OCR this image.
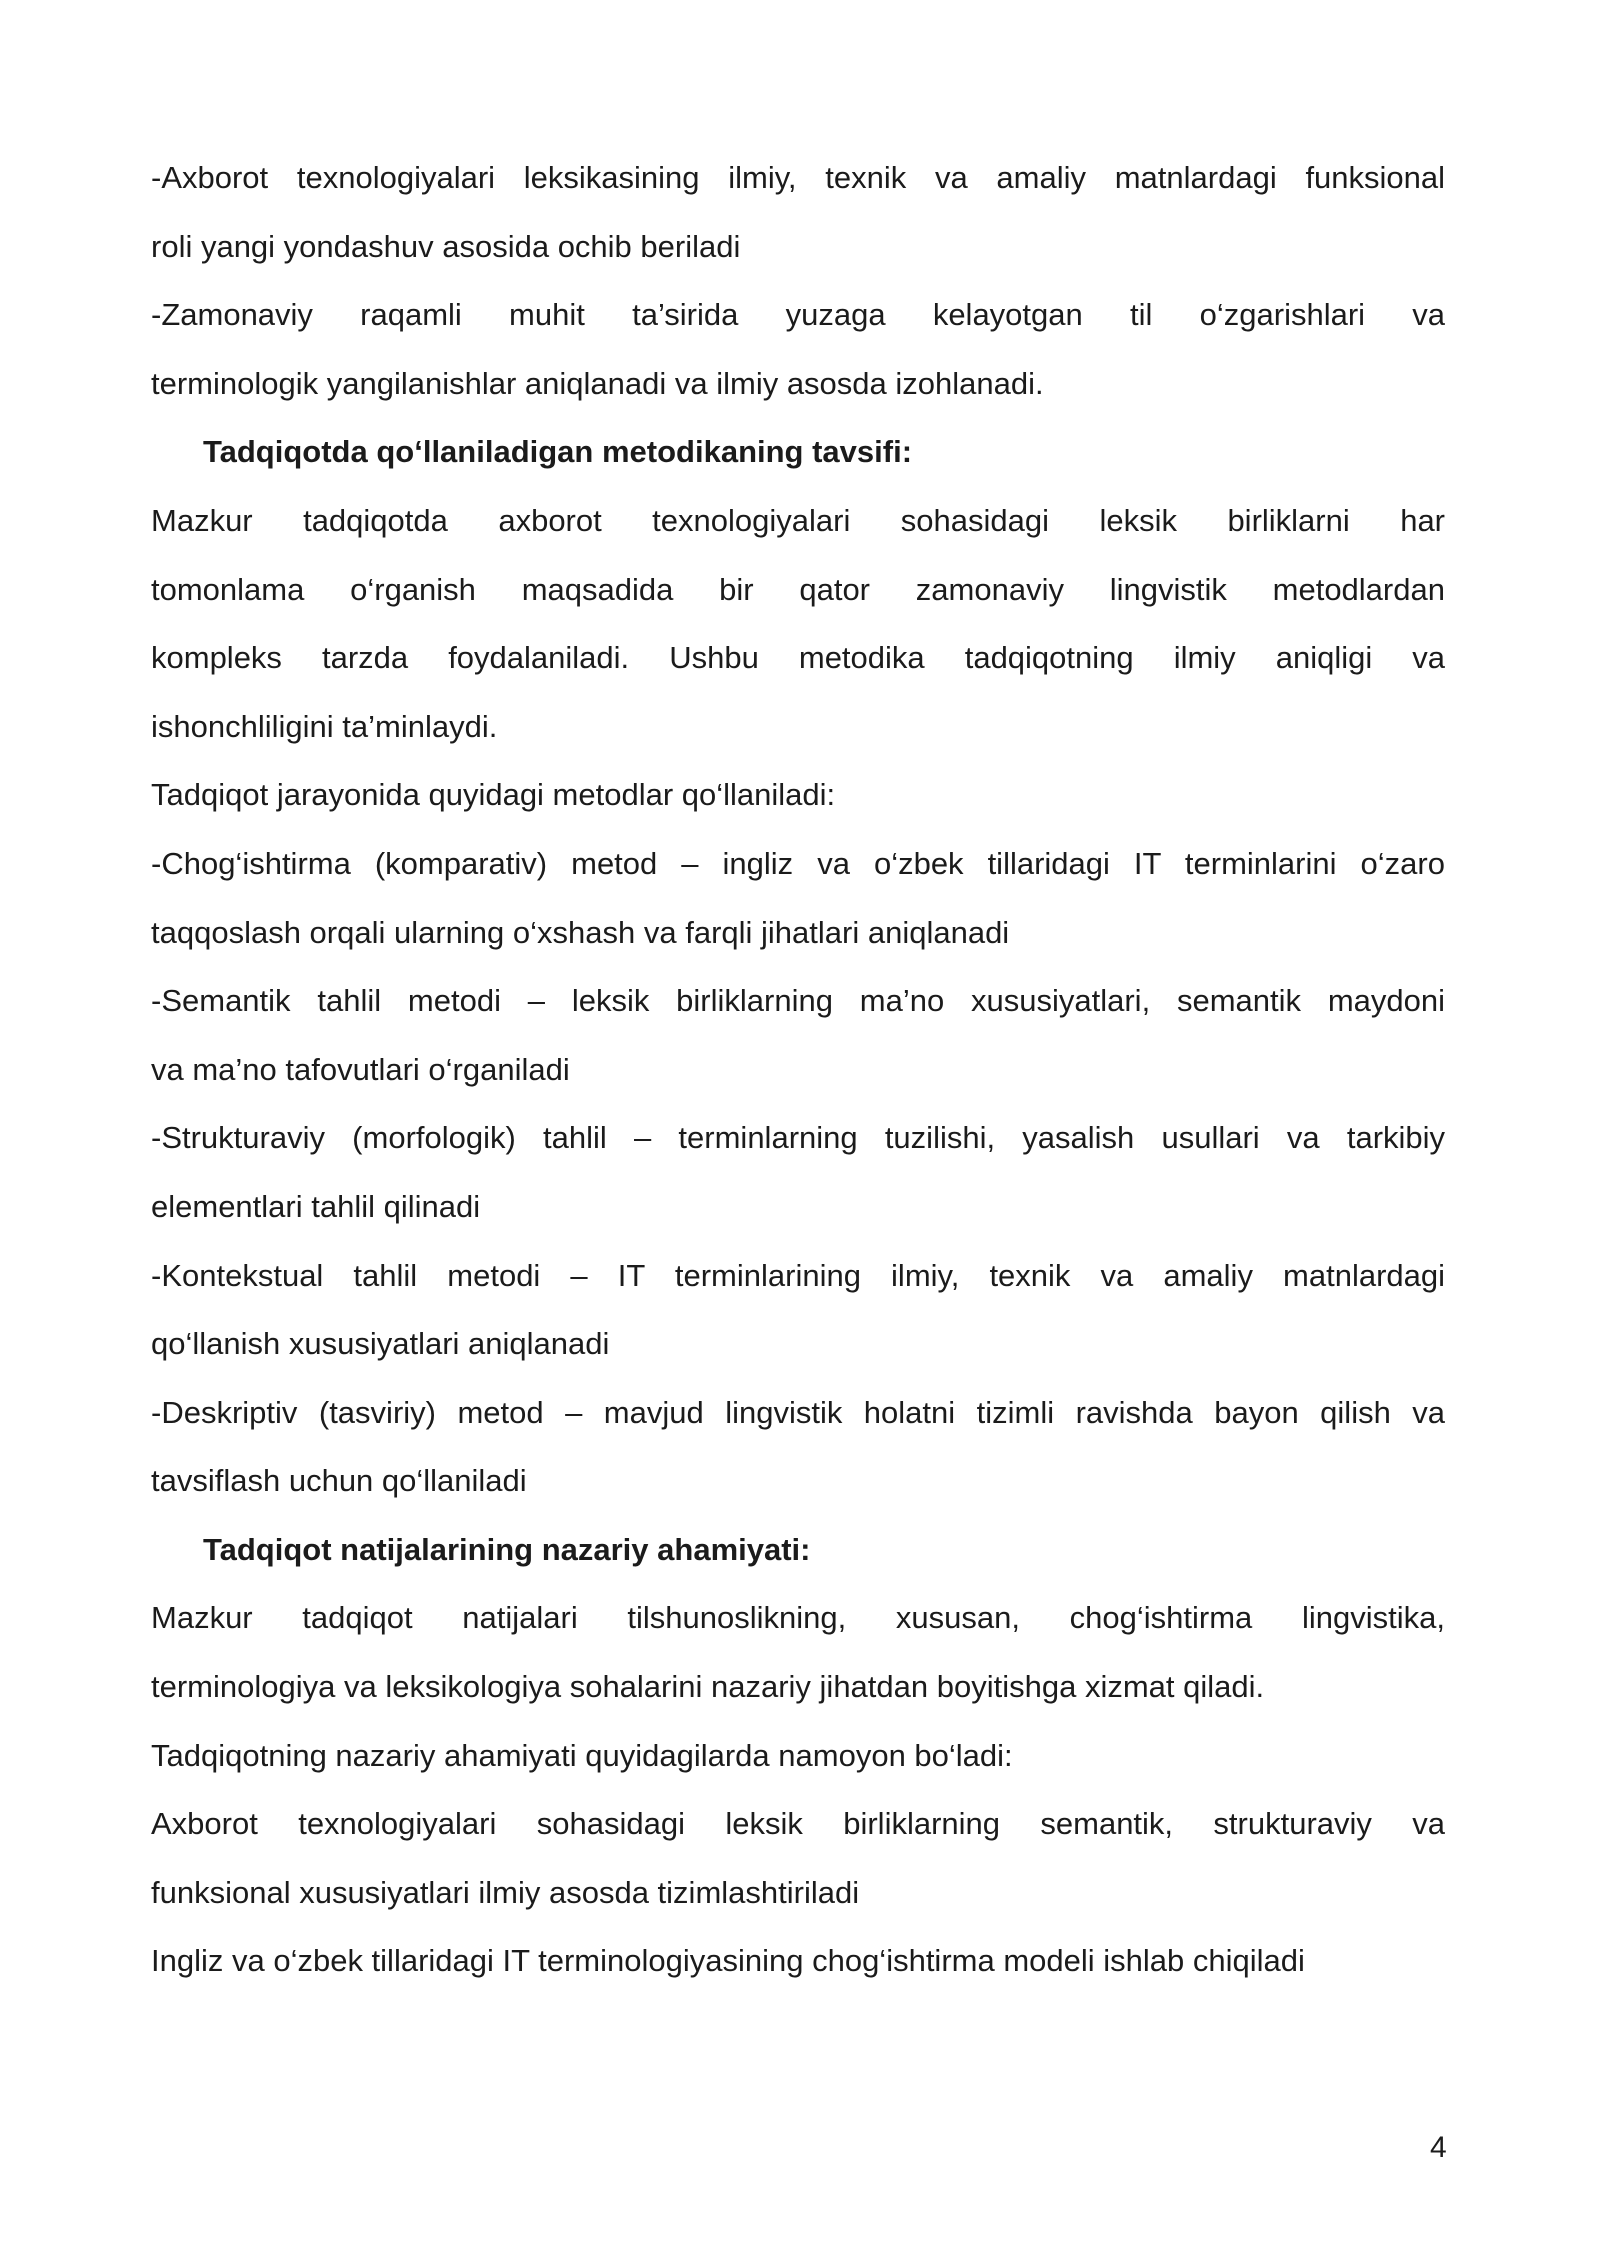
-Axborot texnologiyalari leksikasining ilmiy, texnik va amaliy matnlardagi funksional
roli yangi yondashuv asosida ochib beriladi
-Zamonaviy raqamli muhit ta’sirida yuzaga kelayotgan til o‘zgarishlari va
terminologik yangilanishlar aniqlanadi va ilmiy asosda izohlanadi.
Tadqiqotda qo‘llaniladigan metodikaning tavsifi:
Mazkur tadqiqotda axborot texnologiyalari sohasidagi leksik birliklarni har
tomonlama o‘rganish maqsadida bir qator zamonaviy lingvistik metodlardan
kompleks tarzda foydalaniladi. Ushbu metodika tadqiqotning ilmiy aniqligi va
ishonchliligini ta’minlaydi.
Tadqiqot jarayonida quyidagi metodlar qo‘llaniladi:
-Chog‘ishtirma (komparativ) metod – ingliz va o‘zbek tillaridagi IT terminlarini o‘zaro
taqqoslash orqali ularning o‘xshash va farqli jihatlari aniqlanadi
-Semantik tahlil metodi – leksik birliklarning ma’no xususiyatlari, semantik maydoni
va ma’no tafovutlari o‘rganiladi
-Strukturaviy (morfologik) tahlil – terminlarning tuzilishi, yasalish usullari va tarkibiy
elementlari tahlil qilinadi
-Kontekstual tahlil metodi – IT terminlarining ilmiy, texnik va amaliy matnlardagi
qo‘llanish xususiyatlari aniqlanadi
-Deskriptiv (tasviriy) metod – mavjud lingvistik holatni tizimli ravishda bayon qilish va
tavsiflash uchun qo‘llaniladi
Tadqiqot natijalarining nazariy ahamiyati:
Mazkur tadqiqot natijalari tilshunoslikning, xususan, chog‘ishtirma lingvistika,
terminologiya va leksikologiya sohalarini nazariy jihatdan boyitishga xizmat qiladi.
Tadqiqotning nazariy ahamiyati quyidagilarda namoyon bo‘ladi:
Axborot texnologiyalari sohasidagi leksik birliklarning semantik, strukturaviy va
funksional xususiyatlari ilmiy asosda tizimlashtiriladi
Ingliz va o‘zbek tillaridagi IT terminologiyasining chog‘ishtirma modeli ishlab chiqiladi
4
